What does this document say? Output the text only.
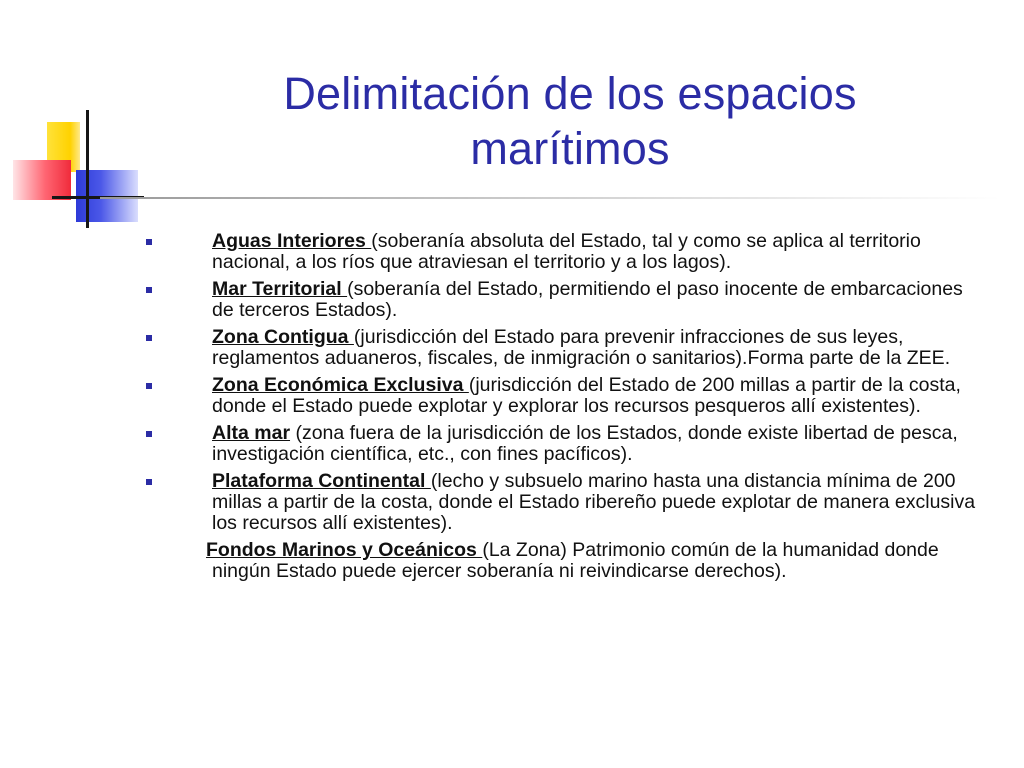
Delimitación de los espacios
marítimos
Aguas Interiores (soberanía absoluta del Estado, tal y como se aplica al territorio nacional, a los ríos que atraviesan el territorio y a los lagos).
Mar Territorial (soberanía del Estado, permitiendo el paso inocente de embarcaciones de terceros Estados).
Zona Contigua (jurisdicción del Estado para prevenir infracciones de sus leyes, reglamentos aduaneros, fiscales, de inmigración o sanitarios).Forma parte de la ZEE.
Zona Económica Exclusiva (jurisdicción del Estado de 200 millas a partir de la costa, donde el Estado puede explotar y explorar los recursos pesqueros allí existentes).
Alta mar (zona fuera de la jurisdicción de los Estados, donde existe libertad de pesca, investigación científica, etc., con fines pacíficos).
Plataforma Continental (lecho y subsuelo marino hasta una distancia mínima de 200 millas a partir de la costa, donde el Estado ribereño puede explotar de manera exclusiva los recursos allí existentes).
Fondos Marinos y Oceánicos (La Zona) Patrimonio común de la humanidad donde ningún Estado puede ejercer soberanía ni reivindicarse derechos).
